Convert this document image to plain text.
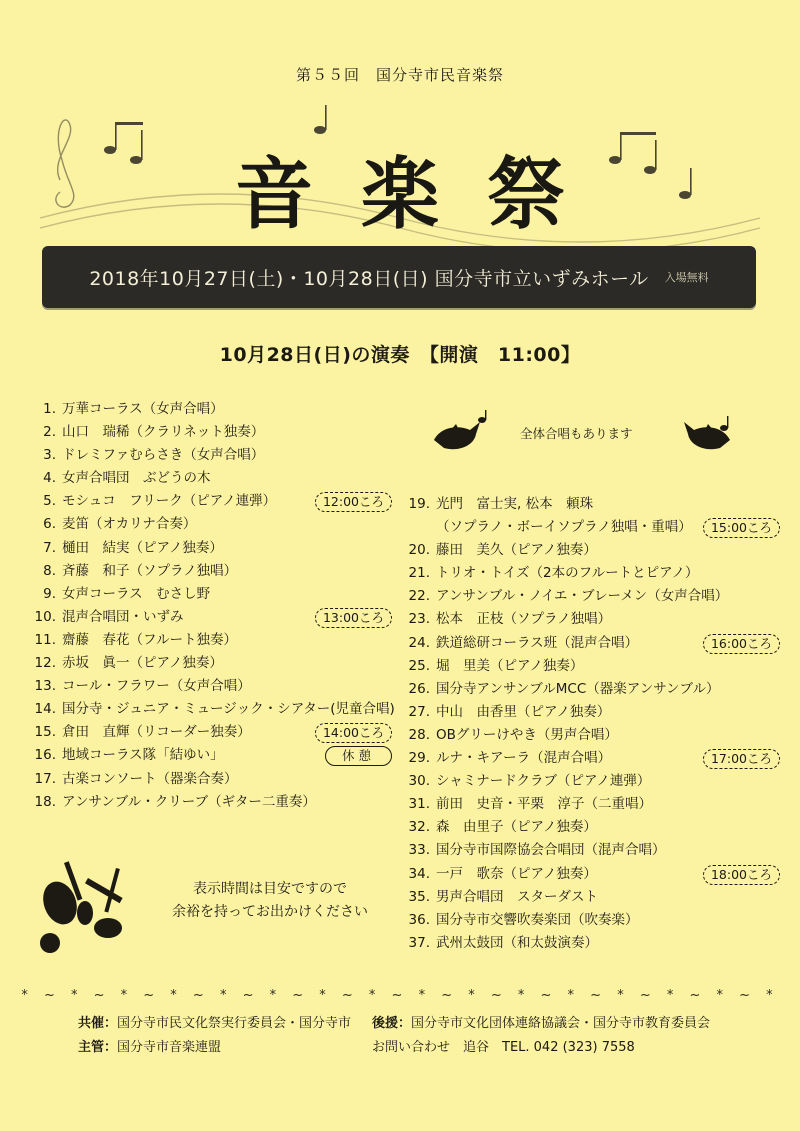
第５５回　国分寺市民音楽祭
音楽祭
2018年10月27日(土)・10月28日(日) 国分寺市立いずみホール 入場無料
10月28日(日)の演奏　【開演　11:00】
1. 万華コーラス（女声合唱）
2. 山口　瑞稀（クラリネット独奏）
3. ドレミファむらさき（女声合唱）
4. 女声合唱団　ぶどうの木
5. モシュコ　フリーク（ピアノ連弾）	12:00ころ
6. 麦笛（オカリナ合奏）
7. 樋田　結実（ピアノ独奏）
8. 斉藤　和子（ソプラノ独唱）
9. 女声コーラス　むさし野
10. 混声合唱団・いずみ	13:00ころ
11. 齋藤　春花（フルート独奏）
12. 赤坂　眞一（ピアノ独奏）
13. コール・フラワー（女声合唱）
14. 国分寺・ジュニア・ミュージック・シアター(児童合唱)
15. 倉田　直輝（リコーダー独奏）	14:00ころ
16. 地域コーラス隊「結ゆい」	休憩
17. 古楽コンソート（器楽合奏）
18. アンサンブル・クリーブ（ギター二重奏）
全体合唱もあります
19. 光門　富士実, 松本　頼珠
（ソプラノ・ボーイソプラノ独唱・重唱）	15:00ころ
20. 藤田　美久（ピアノ独奏）
21. トリオ・トイズ（2本のフルートとピアノ）
22. アンサンブル・ノイエ・ブレーメン（女声合唱）
23. 松本　正枝（ソプラノ独唱）
24. 鉄道総研コーラス班（混声合唱）	16:00ころ
25. 堀　里美（ピアノ独奏）
26. 国分寺アンサンブルMCC（器楽アンサンブル）
27. 中山　由香里（ピアノ独奏）
28. OBグリーけやき（男声合唱）
29. ルナ・キアーラ（混声合唱）	17:00ころ
30. シャミナードクラブ（ピアノ連弾）
31. 前田　史音・平栗　淳子（二重唱）
32. 森　由里子（ピアノ独奏）
33. 国分寺市国際協会合唱団（混声合唱）
34. 一戸　歌奈（ピアノ独奏）	18:00ころ
35. 男声合唱団　スターダスト
36. 国分寺市交響吹奏楽団（吹奏楽）
37. 武州太鼓団（和太鼓演奏）
表示時間は目安ですので
余裕を持ってお出かけください
* ~ * ~ * ~ * ~ * ~ * ~ * ~ * ~ * ~ * ~ * ~ * ~ * ~ * ~ * ~ *
共催：国分寺市民文化祭実行委員会・国分寺市 後援：国分寺市文化団体連絡協議会・国分寺市教育委員会
主管：国分寺市音楽連盟	お問い合わせ　追谷　TEL. 042 (323) 7558
